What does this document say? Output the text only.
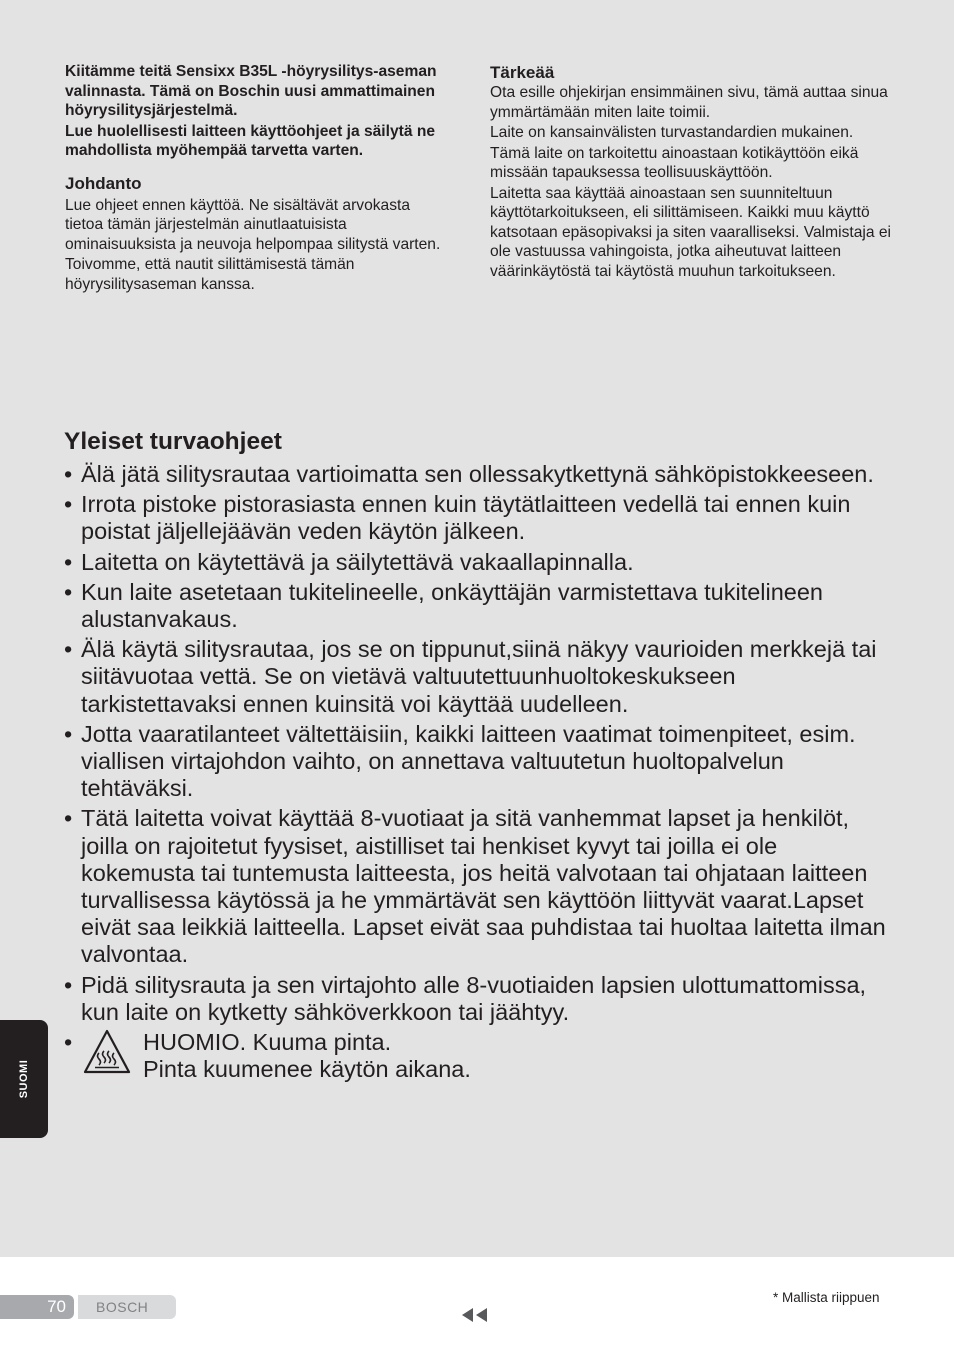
Kiitämme teitä Sensixx B35L -höyrysilitys-aseman valinnasta. Tämä on Boschin uusi ammattimainen höyrysilitysjärjestelmä.

Lue huolellisesti laitteen käyttöohjeet ja säilytä ne mahdollista myöhempää tarvetta varten.

Johdanto

Lue ohjeet ennen käyttöä. Ne sisältävät arvokasta tietoa tämän järjestelmän ainutlaatuisista ominaisuuksista ja neuvoja helpompaa silitystä varten.

Toivomme, että nautit silittämisestä tämän höyrysilitysaseman kanssa.

Tärkeää

Ota esille ohjekirjan ensimmäinen sivu, tämä auttaa sinua ymmärtämään miten laite toimii.

Laite on kansainvälisten turvastandardien mukainen.

Tämä laite on tarkoitettu ainoastaan kotikäyttöön eikä missään tapauksessa teollisuuskäyttöön.

Laitetta saa käyttää ainoastaan sen suunniteltuun käyttötarkoitukseen, eli silittämiseen. Kaikki muu käyttö katsotaan epäsopivaksi ja siten vaaralliseksi. Valmistaja ei ole vastuussa vahingoista, jotka aiheutuvat laitteen väärinkäytöstä tai käytöstä muuhun tarkoitukseen.

Yleiset turvaohjeet
• Älä jätä silitysrautaa vartioimatta sen ollessakytkettynä sähköpistokkeeseen.
• Irrota pistoke pistorasiasta ennen kuin täytätlaitteen vedellä tai ennen kuin poistat jäljellejäävän veden käytön jälkeen.
• Laitetta on käytettävä ja säilytettävä vakaallapinnalla.
• Kun laite asetetaan tukitelineelle, onkäyttäjän varmistettava tukitelineen alustanvakaus.
• Älä käytä silitysrautaa, jos se on tippunut,siinä näkyy vaurioiden merkkejä tai siitävuotaa vettä. Se on vietävä valtuutettuunhuoltokeskukseen tarkistettavaksi ennen kuinsitä voi käyttää uudelleen.
• Jotta vaaratilanteet vältettäisiin, kaikki laitteen vaatimat toimenpiteet, esim. viallisen virtajohdon vaihto, on annettava valtuutetun huoltopalvelun tehtäväksi.
• Tätä laitetta voivat käyttää 8-vuotiaat ja sitä vanhemmat lapset ja henkilöt, joilla on rajoitetut fyysiset, aistilliset tai henkiset kyvyt tai joilla ei ole kokemusta tai tuntemusta laitteesta, jos heitä valvotaan tai ohjataan laitteen turvallisessa käytössä ja he ymmärtävät sen käyttöön liittyvät vaarat.Lapset eivät saa leikkiä laitteella. Lapset eivät saa puhdistaa tai huoltaa laitetta ilman valvontaa.
• Pidä silitysrauta ja sen virtajohto alle 8-vuotiaiden lapsien ulottumattomissa, kun laite on kytketty sähköverkkoon tai jäähtyy.
•	HUOMIO. Kuuma pinta.
Pinta kuumenee käytön aikana.
SUOMI
70 BOSCH
* Mallista riippuen
